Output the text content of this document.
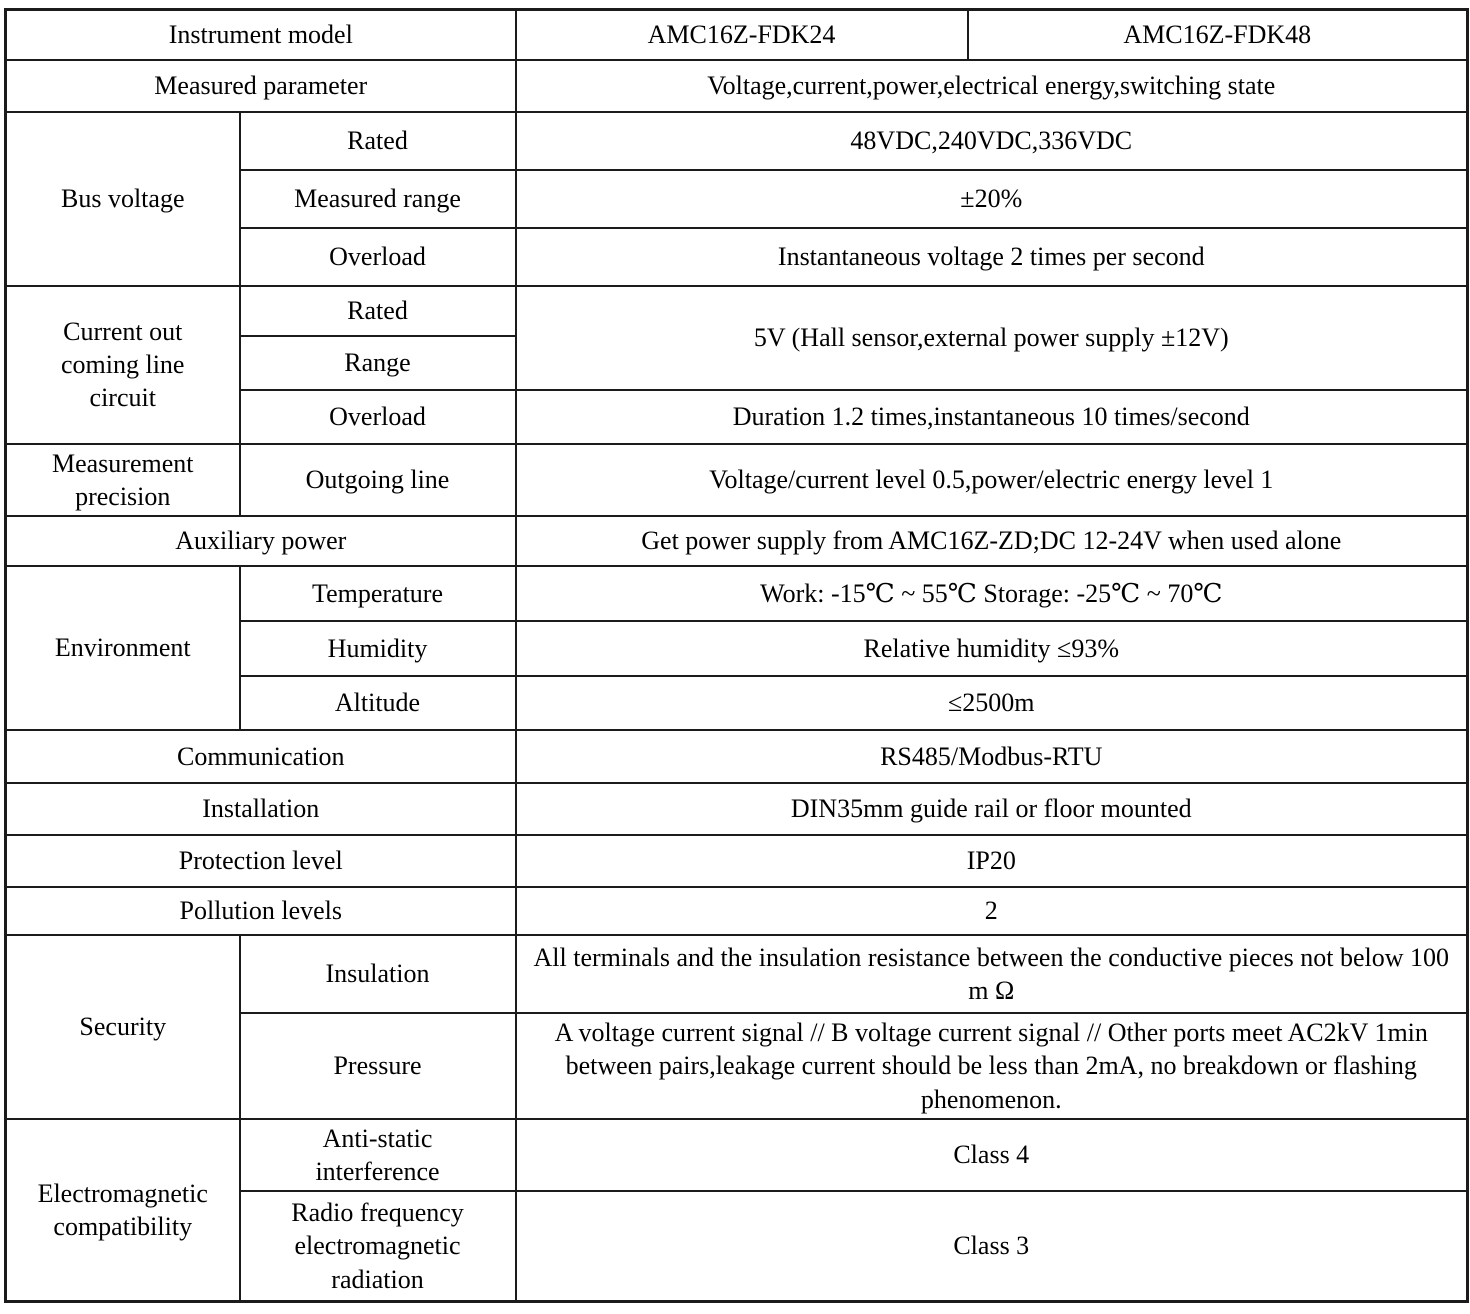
Instrument model		AMC16Z-FDK24	AMC16Z-FDK48
Measured parameter		Voltage,current,power,electrical energy,switching state	
Bus voltage	Rated	48VDC,240VDC,336VDC	
	Measured range	±20%	
	Overload	Instantaneous voltage 2 times per second	
Current out coming line circuit	Rated	5V (Hall sensor,external power supply ±12V)	
	Range		
	Overload	Duration 1.2 times,instantaneous 10 times/second	
Measurement precision	Outgoing line	Voltage/current level 0.5,power/electric energy level 1	
Auxiliary power		Get power supply from AMC16Z-ZD;DC 12-24V when used alone	
Environment	Temperature	Work: -15℃ ~ 55℃ Storage: -25℃ ~ 70℃	
	Humidity	Relative humidity ≤93%	
	Altitude	≤2500m	
Communication		RS485/Modbus-RTU	
Installation		DIN35mm guide rail or floor mounted	
Protection level		IP20	
Pollution levels		2	
Security	Insulation	All terminals and the insulation resistance between the conductive pieces not below 100 m Ω	
	Pressure	A voltage current signal // B voltage current signal // Other ports meet AC2kV 1min between pairs,leakage current should be less than 2mA, no breakdown or flashing phenomenon.	
Electromagnetic compatibility	Anti-static interference	Class 4	
	Radio frequency electromagnetic radiation	Class 3	
